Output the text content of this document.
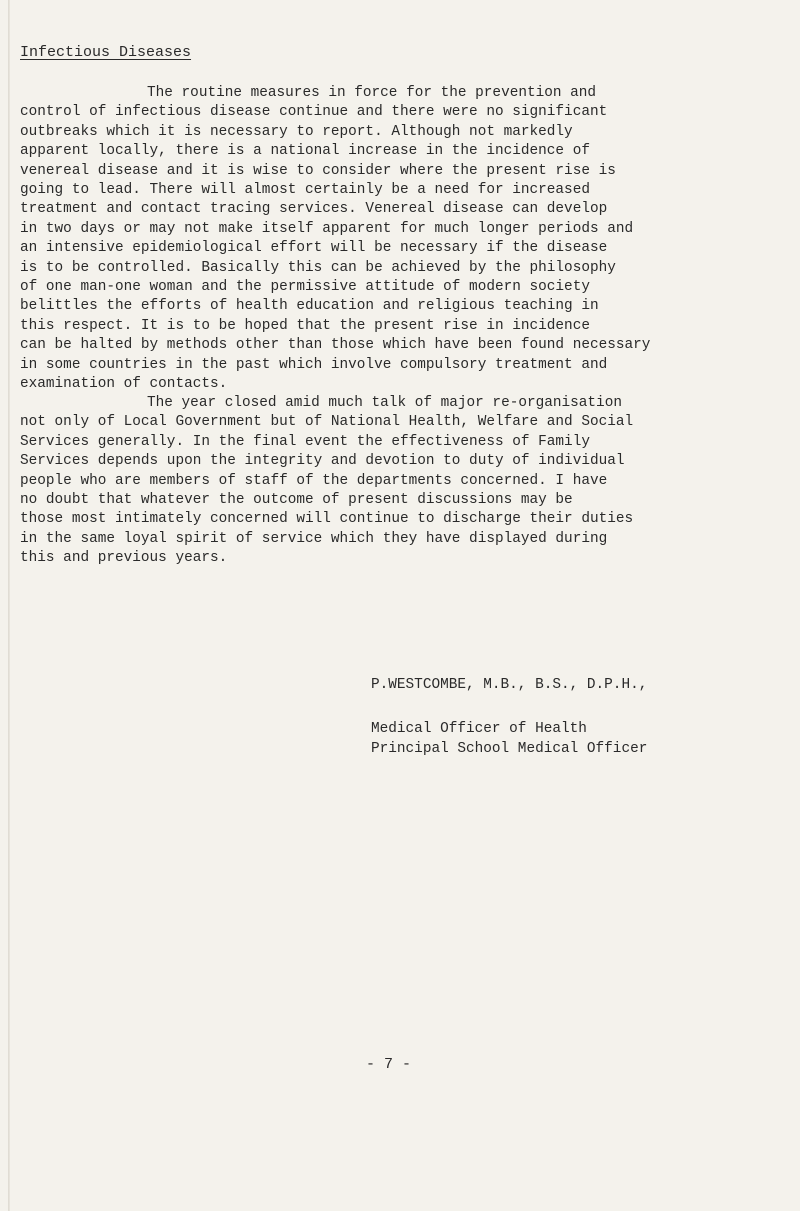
Infectious Diseases
The routine measures in force for the prevention and
control of infectious disease continue and there were no significant
outbreaks which it is necessary to report. Although not markedly
apparent locally, there is a national increase in the incidence of
venereal disease and it is wise to consider where the present rise is
going to lead. There will almost certainly be a need for increased
treatment and contact tracing services. Venereal disease can develop
in two days or may not make itself apparent for much longer periods and
an intensive epidemiological effort will be necessary if the disease
is to be controlled. Basically this can be achieved by the philosophy
of one man-one woman and the permissive attitude of modern society
belittles the efforts of health education and religious teaching in
this respect. It is to be hoped that the present rise in incidence
can be halted by methods other than those which have been found necessary
in some countries in the past which involve compulsory treatment and
examination of contacts.
The year closed amid much talk of major re-organisation
not only of Local Government but of National Health, Welfare and Social
Services generally. In the final event the effectiveness of Family
Services depends upon the integrity and devotion to duty of individual
people who are members of staff of the departments concerned. I have
no doubt that whatever the outcome of present discussions may be
those most intimately concerned will continue to discharge their duties
in the same loyal spirit of service which they have displayed during
this and previous years.
P.WESTCOMBE, M.B., B.S., D.P.H.,
Medical Officer of Health
Principal School Medical Officer
- 7 -
